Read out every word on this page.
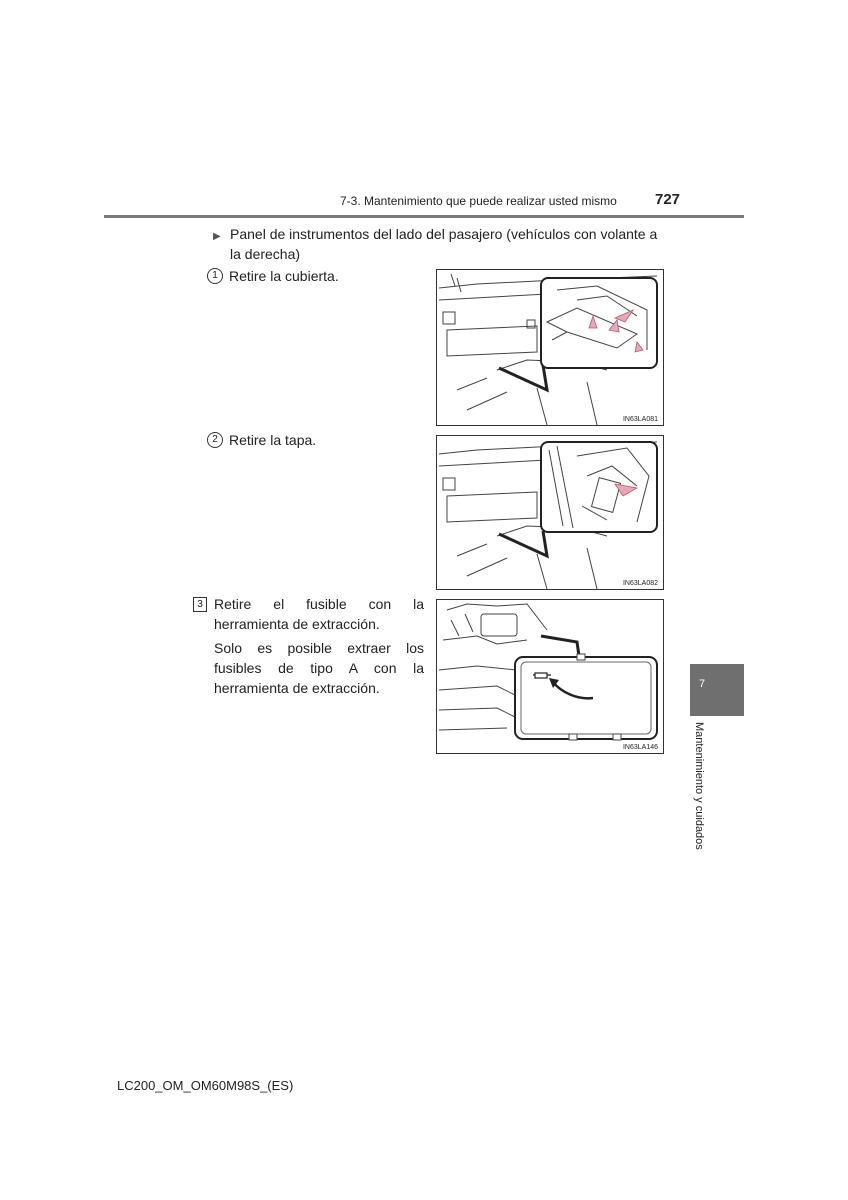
7-3. Mantenimiento que puede realizar usted mismo	727
▶ Panel de instrumentos del lado del pasajero (vehículos con volante a la derecha)
1 Retire la cubierta.
2 Retire la tapa.
3 Retire el fusible con la herramienta de extracción.

Solo es posible extraer los fusibles de tipo A con la herramienta de extracción.

IN63LA081
IN63LA082
IN63LA146
7
Mantenimiento y cuidados
LC200_OM_OM60M98S_(ES)
